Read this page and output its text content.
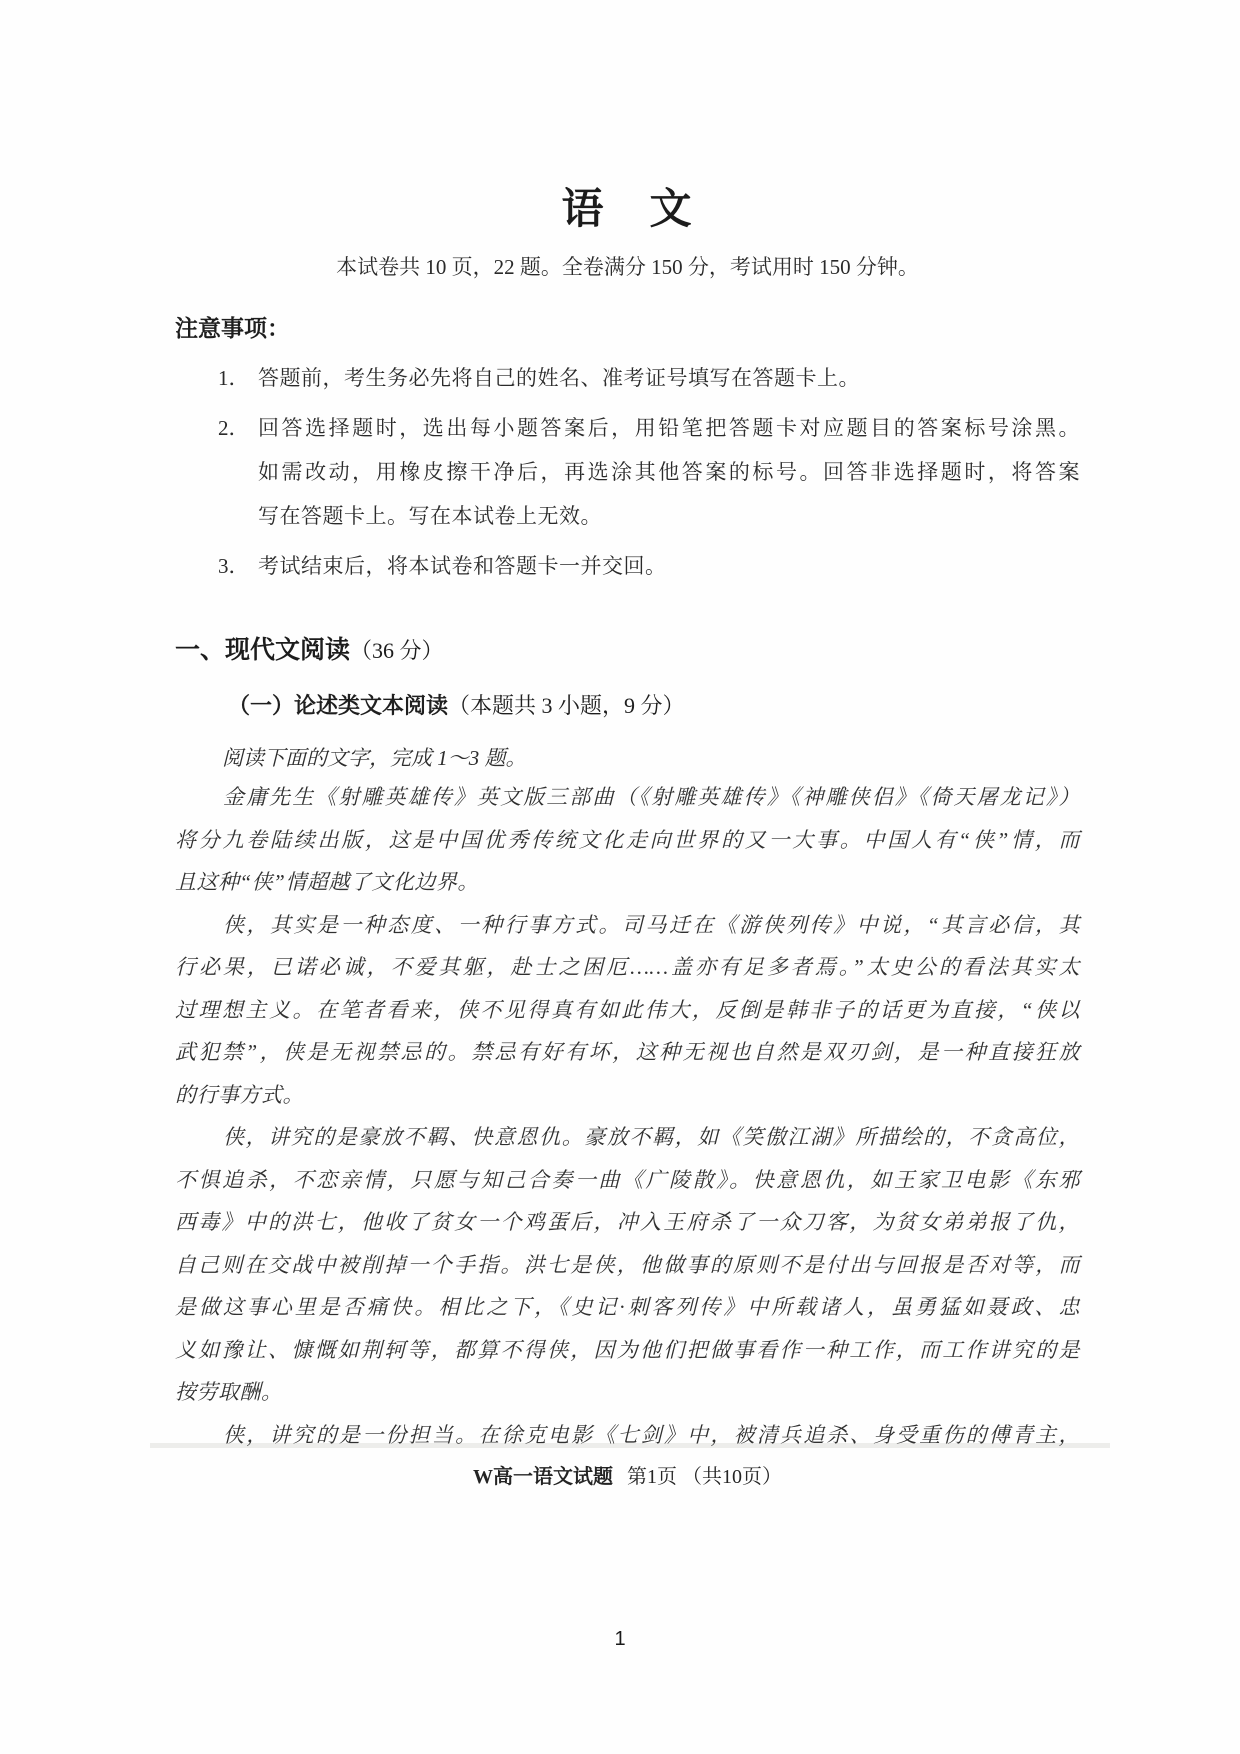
语　文
本试卷共 10 页，22 题。全卷满分 150 分，考试用时 150 分钟。
注意事项：
1． 答题前，考生务必先将自己的姓名、准考证号填写在答题卡上。
2． 回答选择题时，选出每小题答案后，用铅笔把答题卡对应题目的答案标号涂黑。
如需改动，用橡皮擦干净后，再选涂其他答案的标号。回答非选择题时，将答案
写在答题卡上。写在本试卷上无效。
3． 考试结束后，将本试卷和答题卡一并交回。
一、现代文阅读（36 分）
（一）论述类文本阅读（本题共 3 小题，9 分）
阅读下面的文字，完成 1～3 题。
金庸先生《射雕英雄传》英文版三部曲（《射雕英雄传》《神雕侠侣》《倚天屠龙记》）
将分九卷陆续出版，这是中国优秀传统文化走向世界的又一大事。中国人有“侠”情，而
且这种“侠”情超越了文化边界。
侠，其实是一种态度、一种行事方式。司马迁在《游侠列传》中说，“其言必信，其
行必果，已诺必诚，不爱其躯，赴士之困厄……盖亦有足多者焉。”太史公的看法其实太
过理想主义。在笔者看来，侠不见得真有如此伟大，反倒是韩非子的话更为直接，“侠以
武犯禁”，侠是无视禁忌的。禁忌有好有坏，这种无视也自然是双刃剑，是一种直接狂放
的行事方式。
侠，讲究的是豪放不羁、快意恩仇。豪放不羁，如《笑傲江湖》所描绘的，不贪高位，
不惧追杀，不恋亲情，只愿与知己合奏一曲《广陵散》。快意恩仇，如王家卫电影《东邪
西毒》中的洪七，他收了贫女一个鸡蛋后，冲入王府杀了一众刀客，为贫女弟弟报了仇，
自己则在交战中被削掉一个手指。洪七是侠，他做事的原则不是付出与回报是否对等，而
是做这事心里是否痛快。相比之下，《史记·刺客列传》中所载诸人，虽勇猛如聂政、忠
义如豫让、慷慨如荆轲等，都算不得侠，因为他们把做事看作一种工作，而工作讲究的是
按劳取酬。
侠，讲究的是一份担当。在徐克电影《七剑》中，被清兵追杀、身受重伤的傅青主，
W高一语文试题 第1页 （共10页）
1
